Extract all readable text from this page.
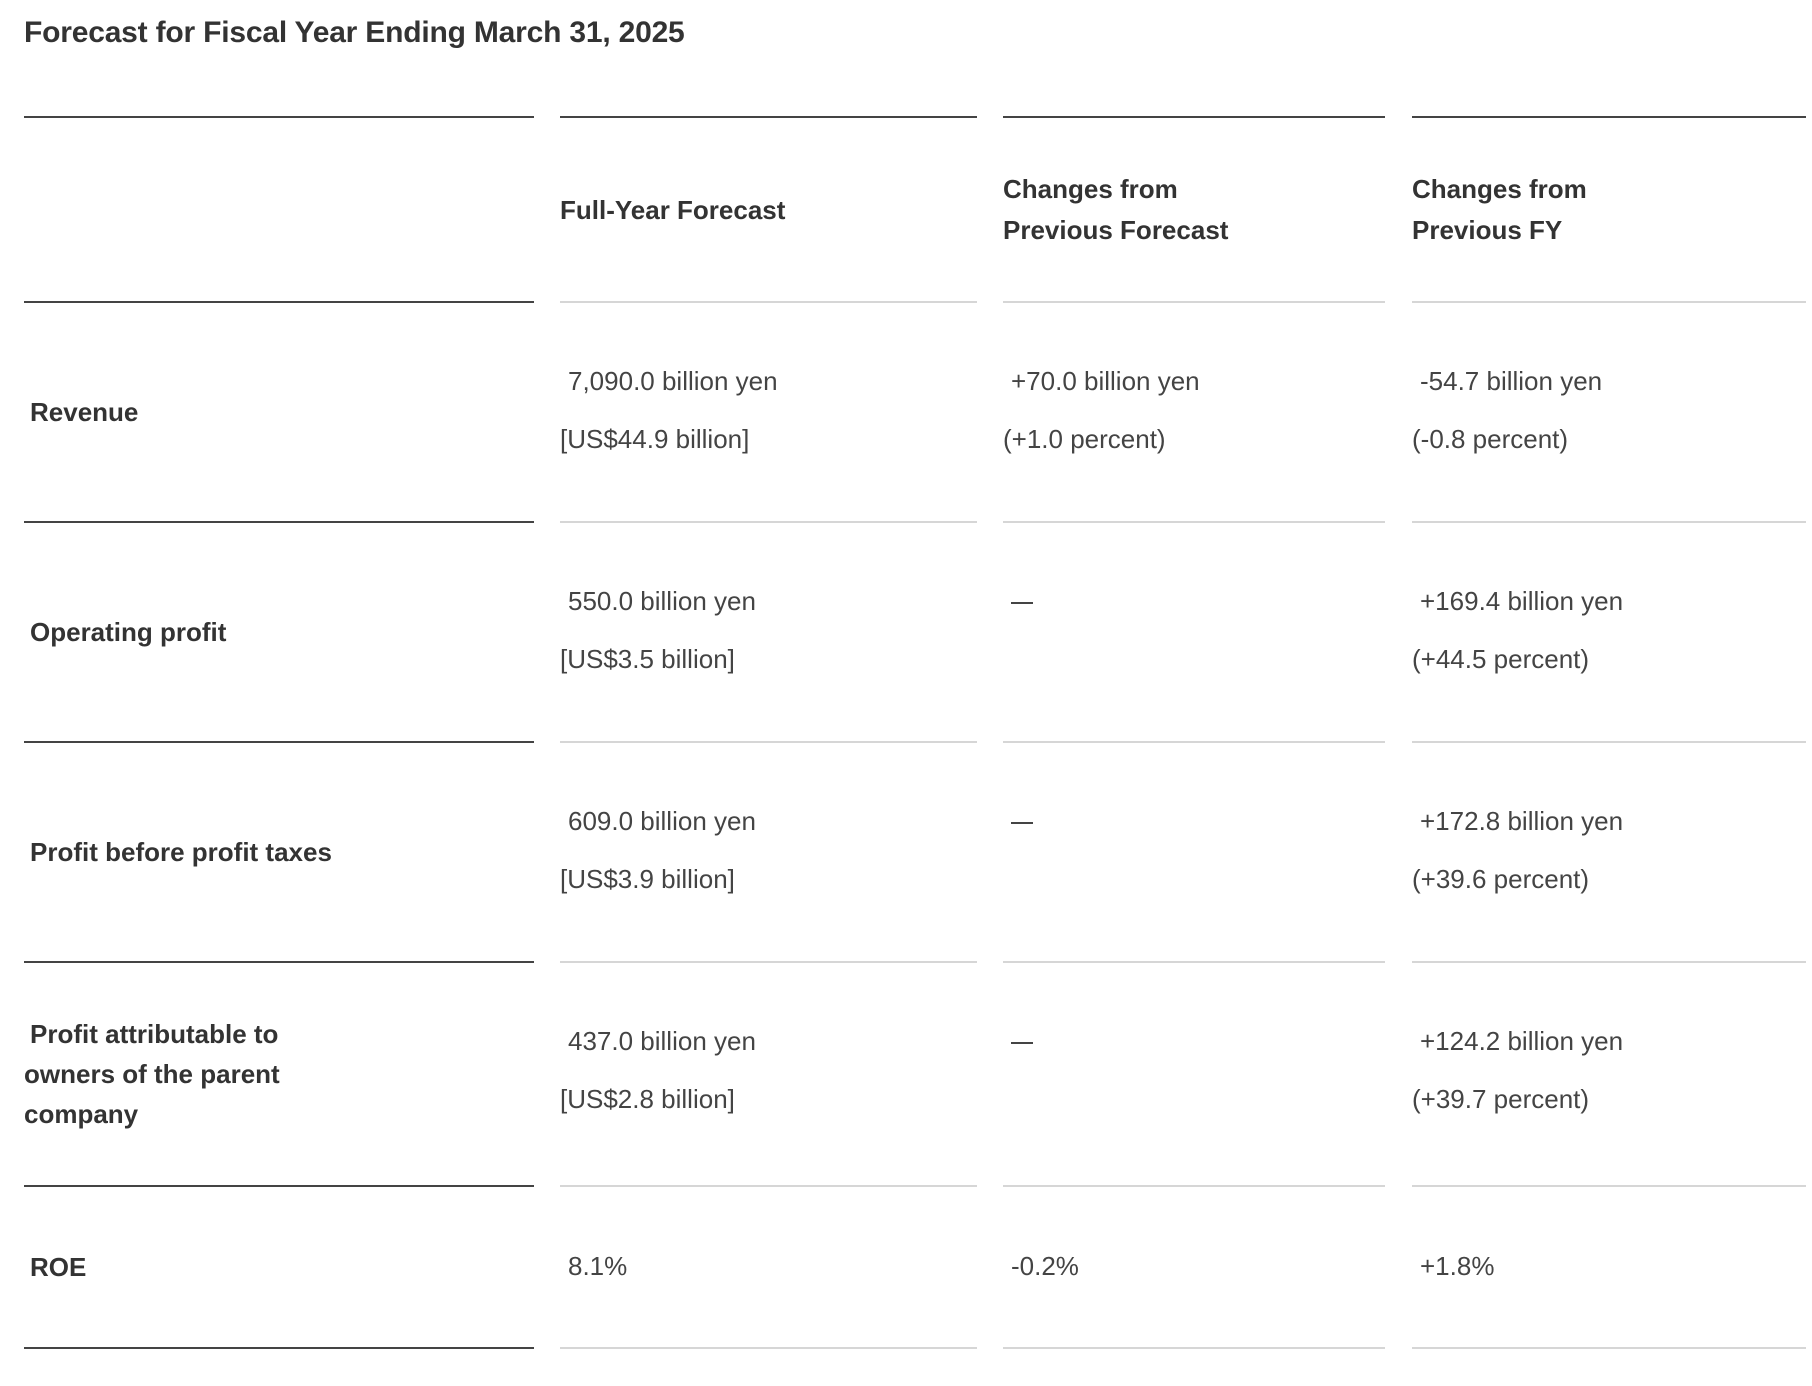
Forecast for Fiscal Year Ending March 31, 2025
Revenue
Operating profit
Profit before profit taxes
Profit attributable to
owners of the parent
company
ROE
Full-Year Forecast
7,090.0 billion yen
[US$44.9 billion]
550.0 billion yen
[US$3.5 billion]
609.0 billion yen
[US$3.9 billion]
437.0 billion yen
[US$2.8 billion]
8.1%
Changes from
Previous Forecast
+70.0 billion yen
(+1.0 percent)
-0.2%
Changes from
Previous FY
-54.7 billion yen
(-0.8 percent)
+169.4 billion yen
(+44.5 percent)
+172.8 billion yen
(+39.6 percent)
+124.2 billion yen
(+39.7 percent)
+1.8%
